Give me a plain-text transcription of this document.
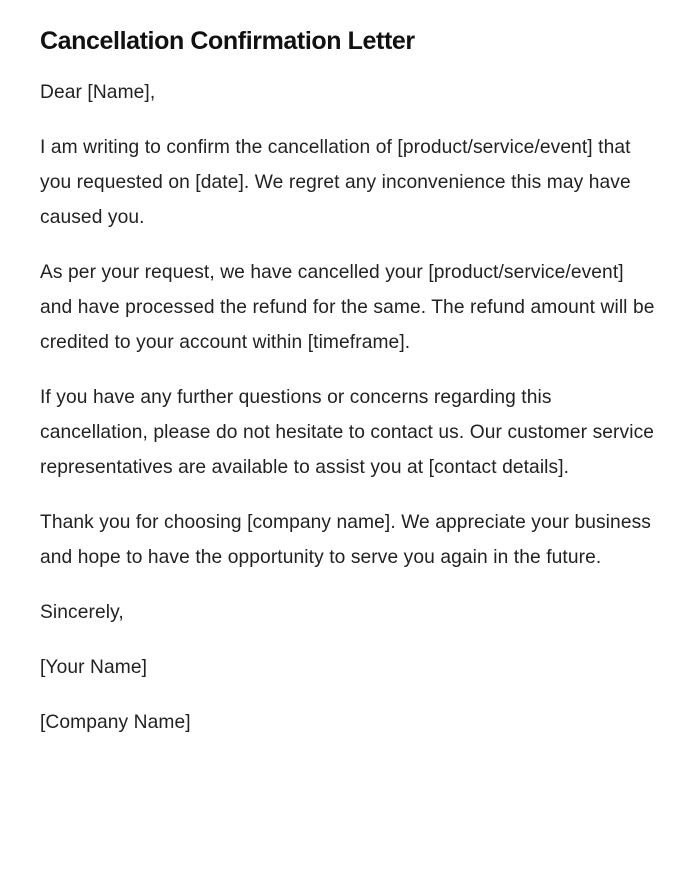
Cancellation Confirmation Letter

Dear [Name],

I am writing to confirm the cancellation of [product/service/event] that you requested on [date]. We regret any inconvenience this may have caused you.

As per your request, we have cancelled your [product/service/event] and have processed the refund for the same. The refund amount will be credited to your account within [timeframe].

If you have any further questions or concerns regarding this cancellation, please do not hesitate to contact us. Our customer service representatives are available to assist you at [contact details].

Thank you for choosing [company name]. We appreciate your business and hope to have the opportunity to serve you again in the future.

Sincerely,

[Your Name]

[Company Name]
